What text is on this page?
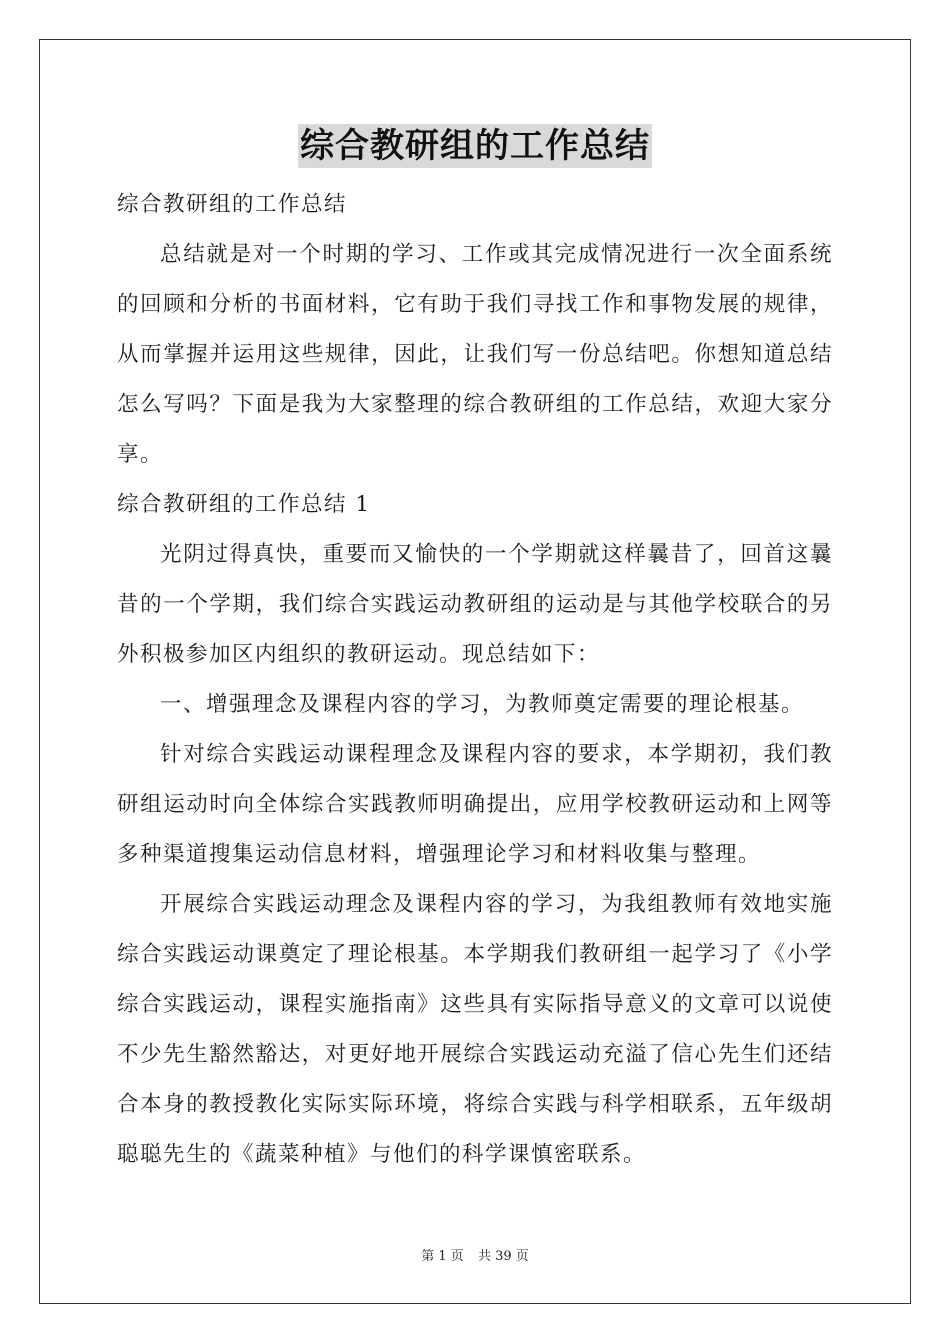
综合教研组的工作总结

综合教研组的工作总结

总结就是对一个时期的学习、工作或其完成情况进行一次全面系统的回顾和分析的书面材料，它有助于我们寻找工作和事物发展的规律，从而掌握并运用这些规律，因此，让我们写一份总结吧。你想知道总结怎么写吗？下面是我为大家整理的综合教研组的工作总结，欢迎大家分享。

综合教研组的工作总结 1

光阴过得真快，重要而又愉快的一个学期就这样曩昔了，回首这曩昔的一个学期，我们综合实践运动教研组的运动是与其他学校联合的另外积极参加区内组织的教研运动。现总结如下：

一、增强理念及课程内容的学习，为教师奠定需要的理论根基。

针对综合实践运动课程理念及课程内容的要求，本学期初，我们教研组运动时向全体综合实践教师明确提出，应用学校教研运动和上网等多种渠道搜集运动信息材料，增强理论学习和材料收集与整理。

开展综合实践运动理念及课程内容的学习，为我组教师有效地实施综合实践运动课奠定了理论根基。本学期我们教研组一起学习了《小学综合实践运动，课程实施指南》这些具有实际指导意义的文章可以说使不少先生豁然豁达，对更好地开展综合实践运动充溢了信心先生们还结合本身的教授教化实际实际环境，将综合实践与科学相联系，五年级胡聪聪先生的《蔬菜种植》与他们的科学课慎密联系。

第 1 页 共 39 页
